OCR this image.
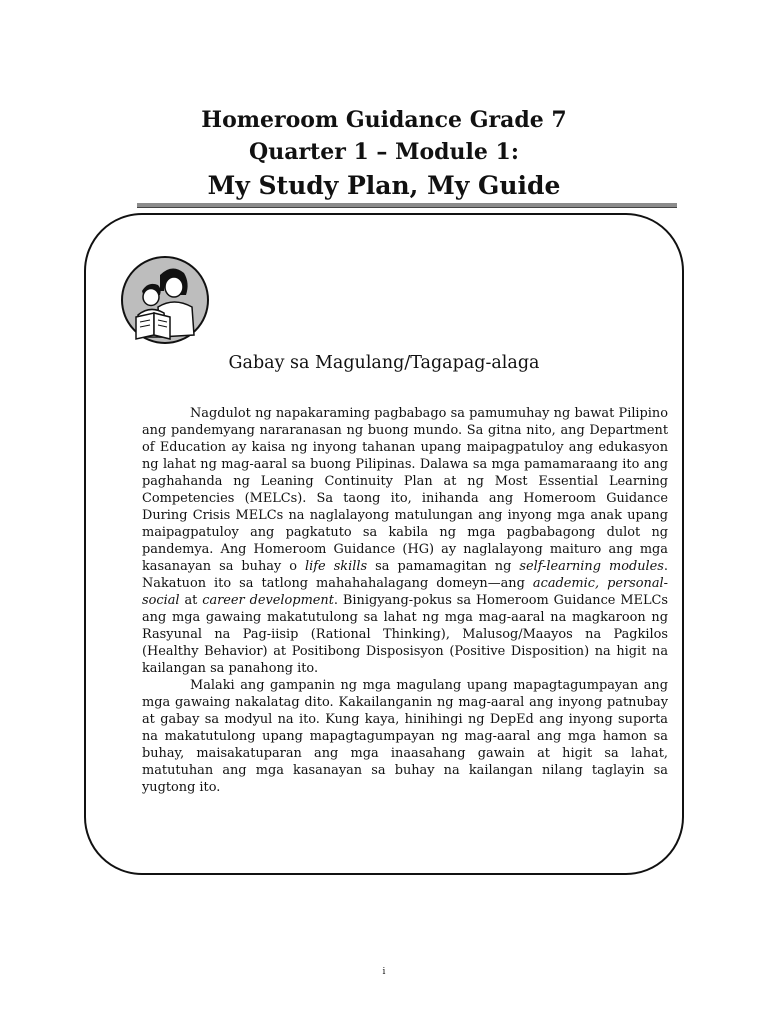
Homeroom Guidance Grade 7
Quarter 1 – Module 1:
My Study Plan, My Guide
Gabay sa Magulang/Tagapag-alaga

Nagdulot ng napakaraming pagbabago sa pamumuhay ng bawat Pilipino ang pandemyang nararanasan ng buong mundo. Sa gitna nito, ang Department of Education ay kaisa ng inyong tahanan upang maipagpatuloy ang edukasyon ng lahat ng mag-aaral sa buong Pilipinas. Dalawa sa mga pamamaraang ito ang paghahanda ng Leaning Continuity Plan at ng Most Essential Learning Competencies (MELCs). Sa taong ito, inihanda ang Homeroom Guidance During Crisis MELCs na naglalayong matulungan ang inyong mga anak upang maipagpatuloy ang pagkatuto sa kabila ng mga pagbabagong dulot ng pandemya. Ang Homeroom Guidance (HG) ay naglalayong maituro ang mga kasanayan sa buhay o life skills sa pamamagitan ng self-learning modules. Nakatuon ito sa tatlong mahahahalagang domeyn—ang academic, personal-social at career development. Binigyang-pokus sa Homeroom Guidance MELCs ang mga gawaing makatutulong sa lahat ng mga mag-aaral na magkaroon ng Rasyunal na Pag-iisip (Rational Thinking), Malusog/Maayos na Pagkilos (Healthy Behavior) at Positibong Disposisyon (Positive Disposition) na higit na kailangan sa panahong ito.

Malaki ang gampanin ng mga magulang upang mapagtagumpayan ang mga gawaing nakalatag dito. Kakailanganin ng mag-aaral ang inyong patnubay at gabay sa modyul na ito. Kung kaya, hinihingi ng DepEd ang inyong suporta na makatutulong upang mapagtagumpayan ng mag-aaral ang mga hamon sa buhay, maisakatuparan ang mga inaasahang gawain at higit sa lahat, matutuhan ang mga kasanayan sa buhay na kailangan nilang taglayin sa yugtong ito.

i
